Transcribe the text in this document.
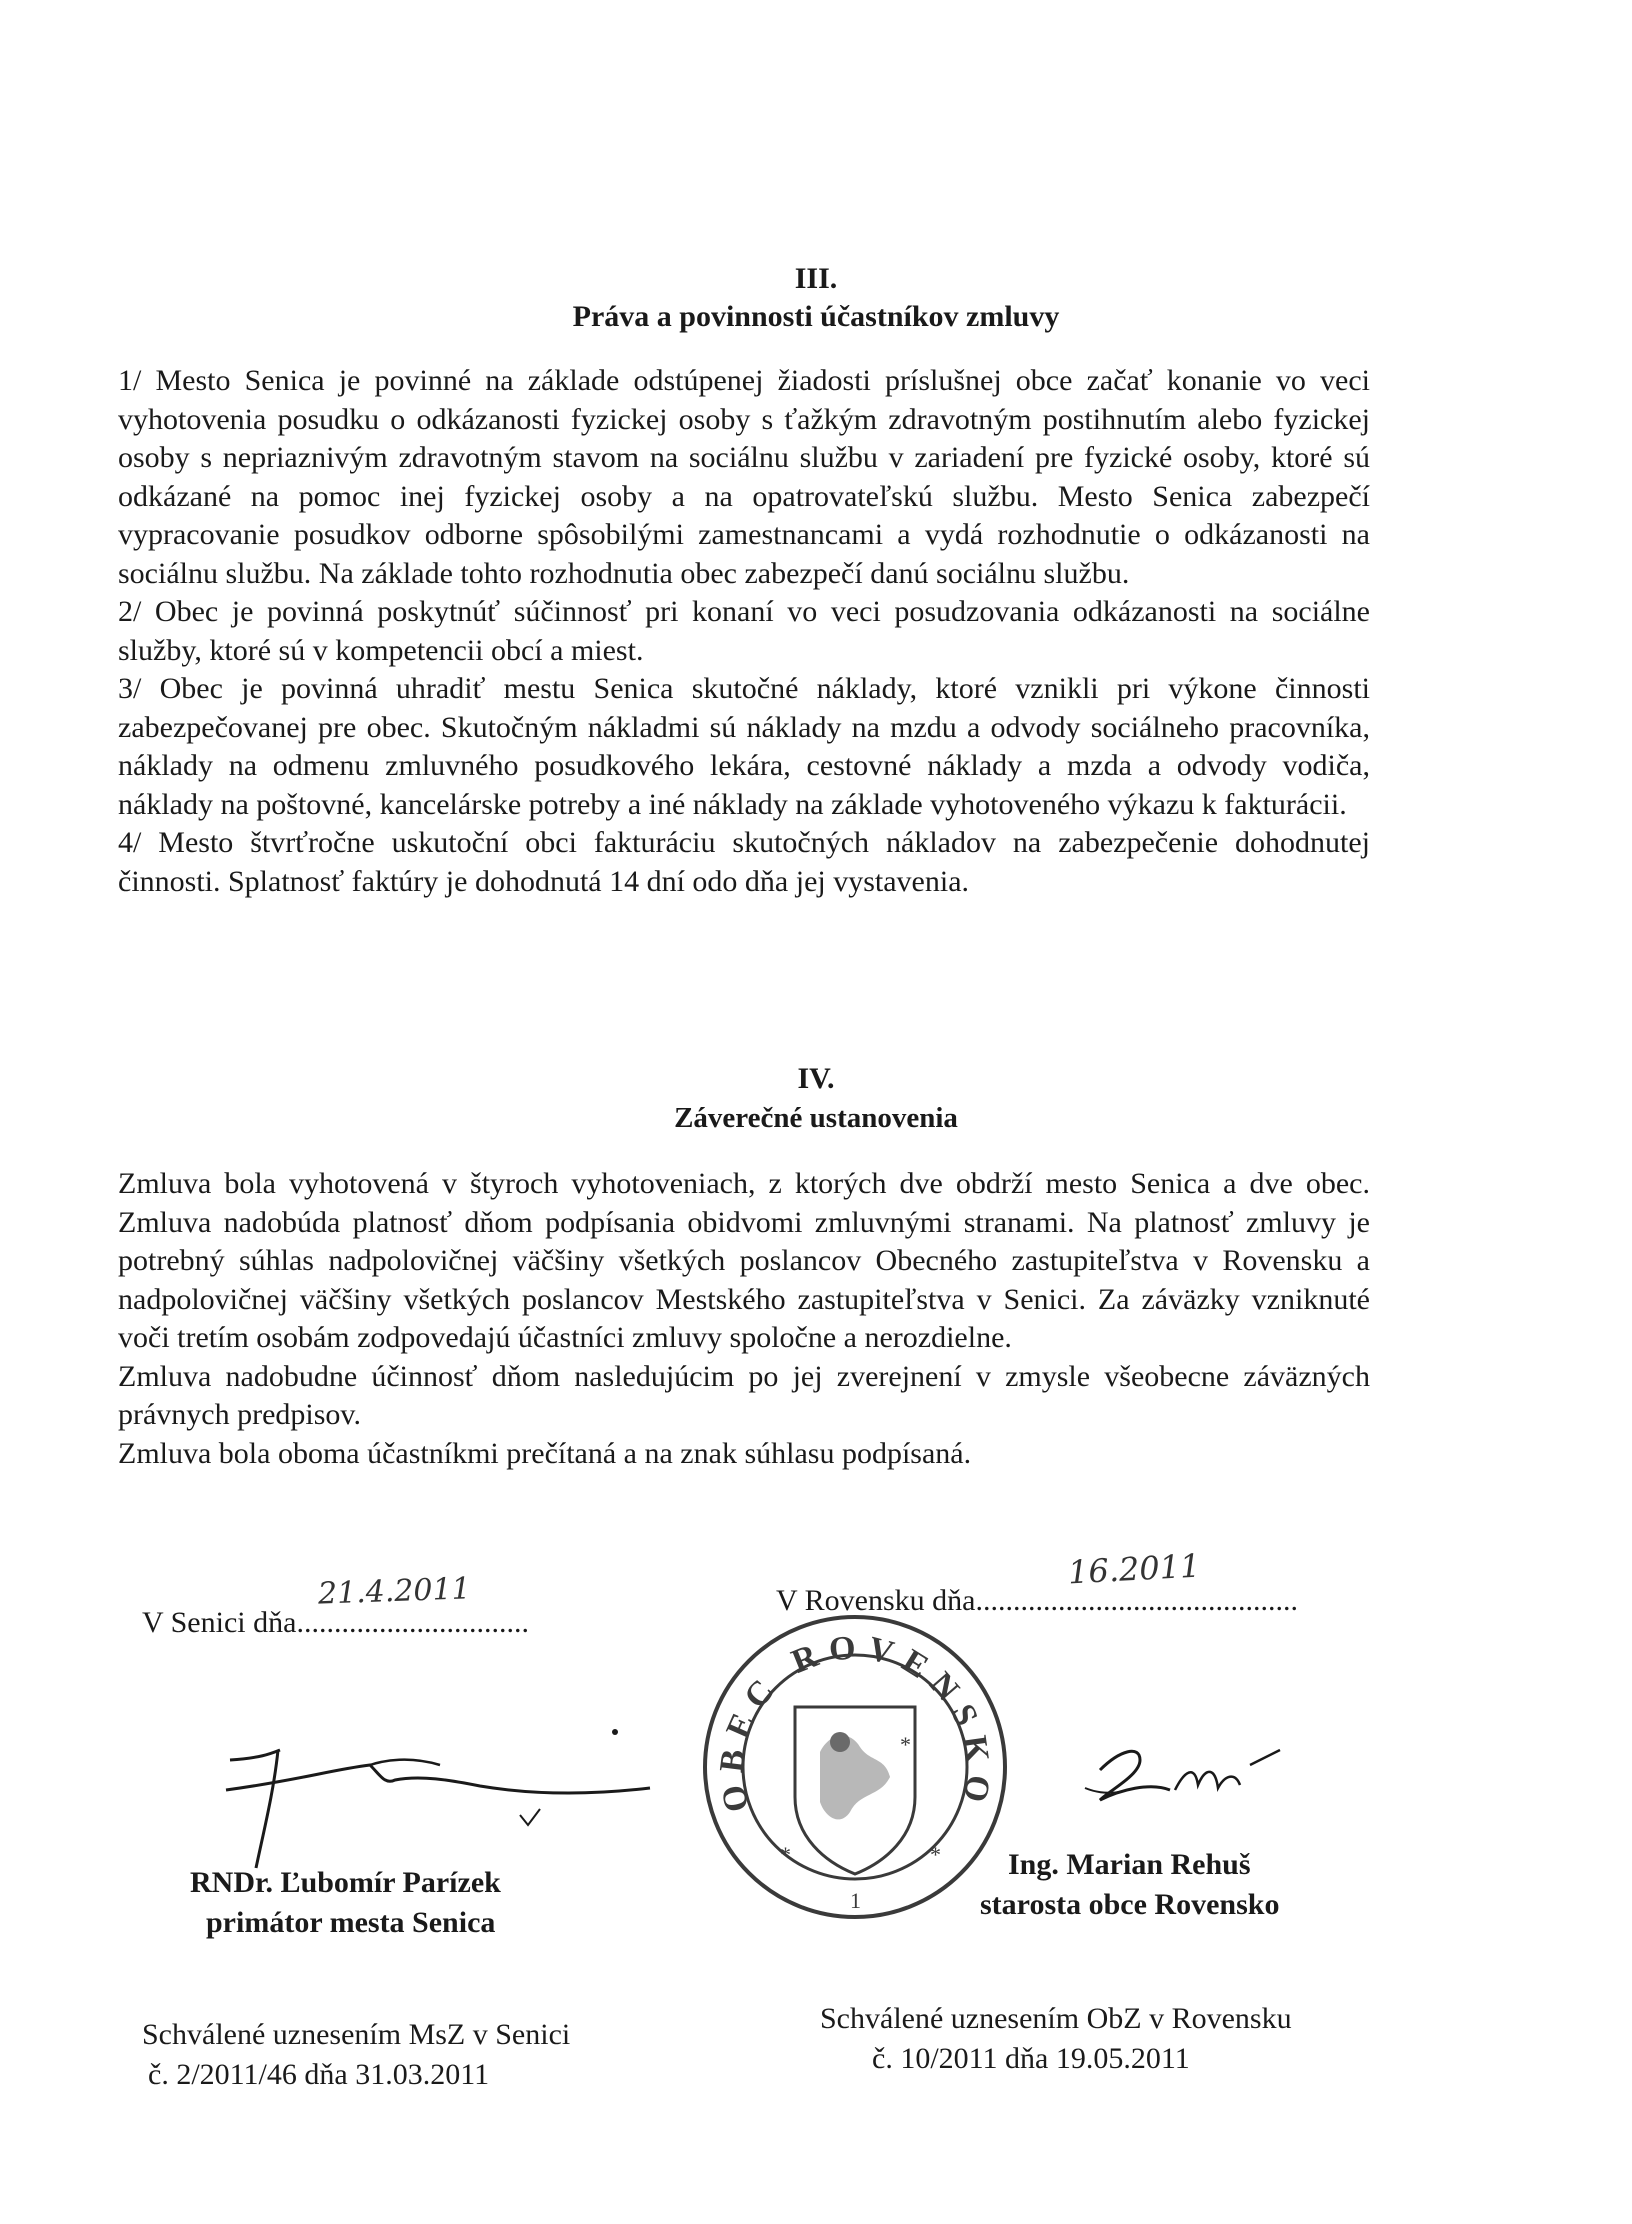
III.
Práva a povinnosti účastníkov zmluvy

1/ Mesto Senica je povinné na základe odstúpenej žiadosti príslušnej obce začať konanie vo veci vyhotovenia posudku o odkázanosti fyzickej osoby s ťažkým zdravotným postihnutím alebo fyzickej osoby s nepriaznivým zdravotným stavom na sociálnu službu v zariadení pre fyzické osoby, ktoré sú odkázané na pomoc inej fyzickej osoby a na opatrovateľskú službu. Mesto Senica zabezpečí vypracovanie posudkov odborne spôsobilými zamestnancami a vydá rozhodnutie o odkázanosti na sociálnu službu. Na základe tohto rozhodnutia obec zabezpečí danú sociálnu službu.

2/ Obec je povinná poskytnúť súčinnosť pri konaní vo veci posudzovania odkázanosti na sociálne služby, ktoré sú v kompetencii obcí a miest.

3/ Obec je povinná uhradiť mestu Senica skutočné náklady, ktoré vznikli pri výkone činnosti zabezpečovanej pre obec. Skutočným nákladmi sú náklady na mzdu a odvody sociálneho pracovníka, náklady na odmenu zmluvného posudkového lekára, cestovné náklady a mzda a odvody vodiča, náklady na poštovné, kancelárske potreby a iné náklady na základe vyhotoveného výkazu k fakturácii.

4/ Mesto štvrťročne uskutoční obci fakturáciu skutočných nákladov na zabezpečenie dohodnutej činnosti. Splatnosť faktúry je dohodnutá 14 dní odo dňa jej vystavenia.

IV.
Záverečné ustanovenia

Zmluva bola vyhotovená v štyroch vyhotoveniach, z ktorých dve obdrží mesto Senica a dve obec. Zmluva nadobúda platnosť dňom podpísania obidvomi zmluvnými stranami. Na platnosť zmluvy je potrebný súhlas nadpolovičnej väčšiny všetkých poslancov Obecného zastupiteľstva v Rovensku a nadpolovičnej väčšiny všetkých poslancov Mestského zastupiteľstva v Senici. Za záväzky vzniknuté voči tretím osobám zodpovedajú účastníci zmluvy spoločne a nerozdielne.

Zmluva nadobudne účinnosť dňom nasledujúcim po jej zverejnení v zmysle všeobecne záväzných právnych predpisov.

Zmluva bola oboma účastníkmi prečítaná a na znak súhlasu podpísaná.

V Senici dňa...............................
21.4.2011	V Rovensku dňa...........................................
16.2011
OBEC ROVENSKO
*
*	*
1
RNDr. Ľubomír Parízek
primátor mesta Senica
Ing. Marian Rehuš
starosta obce Rovensko
Schválené uznesením MsZ v Senici
č. 2/2011/46 dňa 31.03.2011
Schválené uznesením ObZ v Rovensku
č. 10/2011 dňa 19.05.2011
